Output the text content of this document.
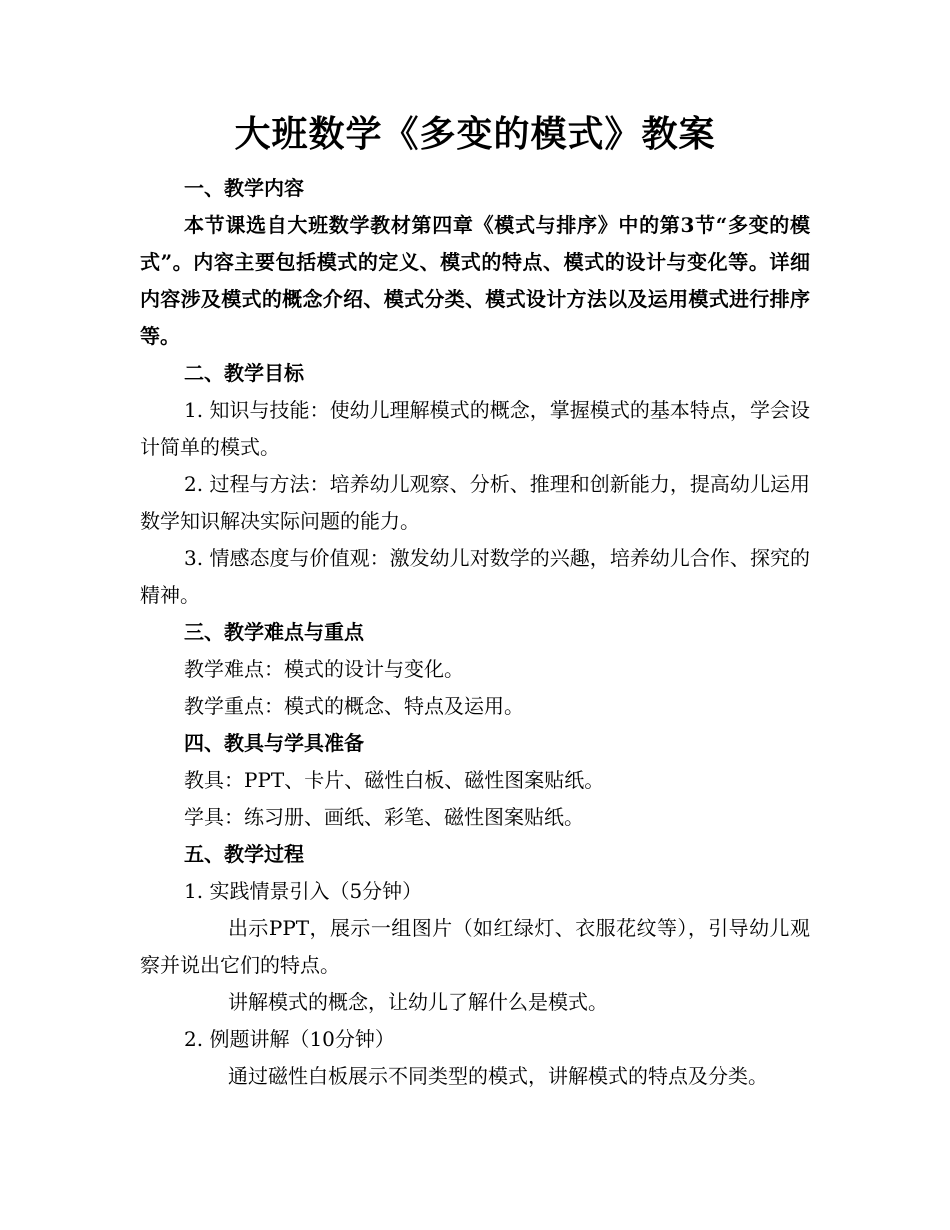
大班数学《多变的模式》教案

一、教学内容

本节课选自大班数学教材第四章《模式与排序》中的第3节“多变的模式”。内容主要包括模式的定义、模式的特点、模式的设计与变化等。详细内容涉及模式的概念介绍、模式分类、模式设计方法以及运用模式进行排序等。

二、教学目标

1. 知识与技能：使幼儿理解模式的概念，掌握模式的基本特点，学会设计简单的模式。

2. 过程与方法：培养幼儿观察、分析、推理和创新能力，提高幼儿运用数学知识解决实际问题的能力。

3. 情感态度与价值观：激发幼儿对数学的兴趣，培养幼儿合作、探究的精神。

三、教学难点与重点

教学难点：模式的设计与变化。

教学重点：模式的概念、特点及运用。

四、教具与学具准备

教具：PPT、卡片、磁性白板、磁性图案贴纸。

学具：练习册、画纸、彩笔、磁性图案贴纸。

五、教学过程

1. 实践情景引入（5分钟）

出示PPT，展示一组图片（如红绿灯、衣服花纹等），引导幼儿观察并说出它们的特点。

讲解模式的概念，让幼儿了解什么是模式。

2. 例题讲解（10分钟）

通过磁性白板展示不同类型的模式，讲解模式的特点及分类。
